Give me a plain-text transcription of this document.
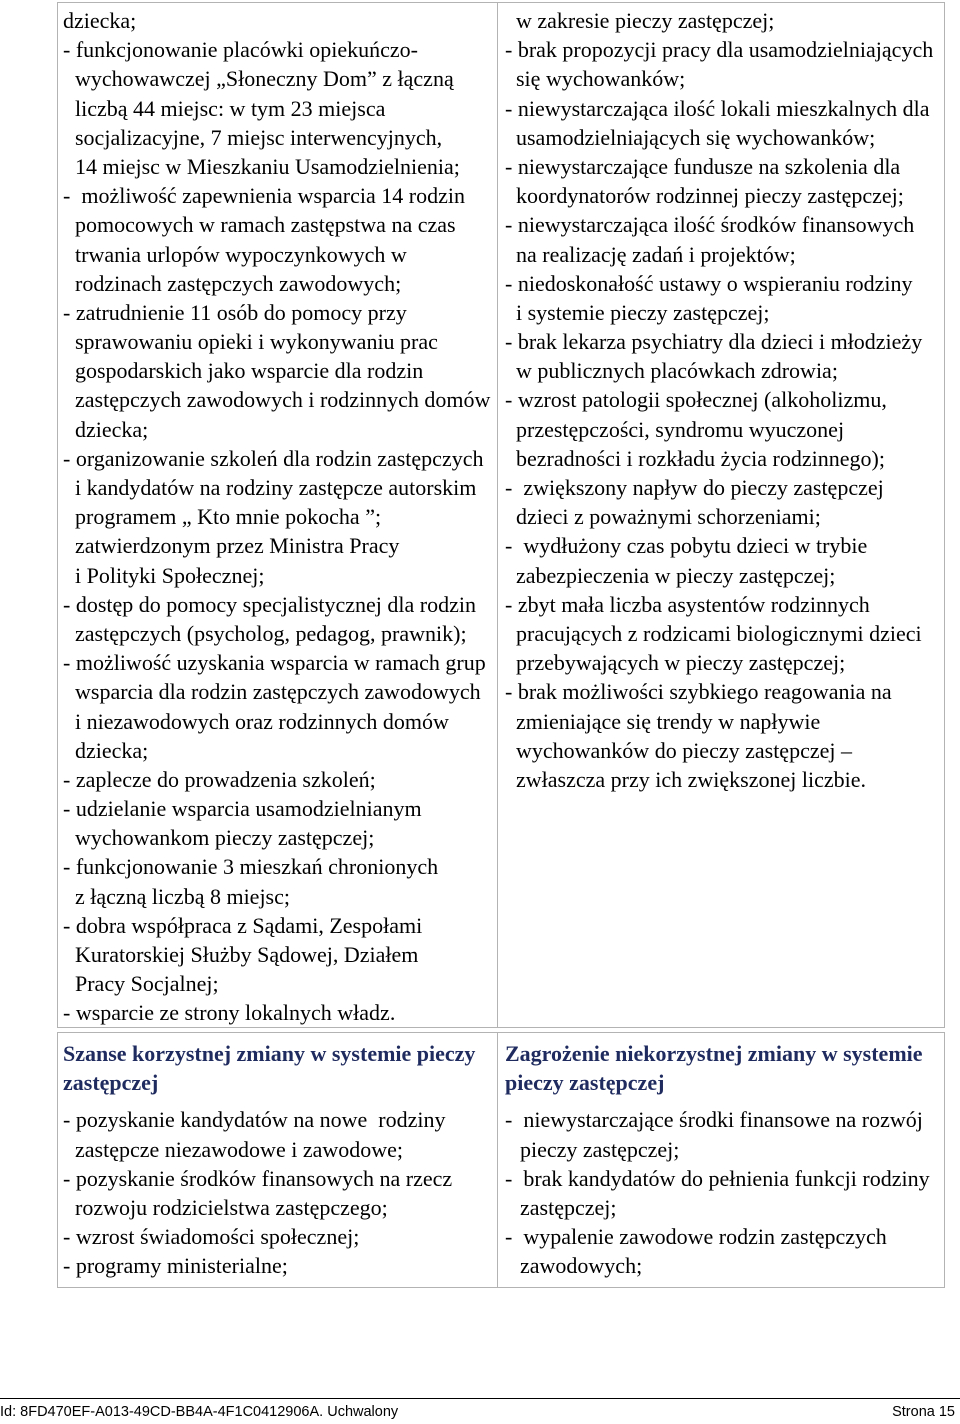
dziecka;
- funkcjonowanie placówki opiekuńczo-
wychowawczej „Słoneczny Dom” z łączną
liczbą 44 miejsc: w tym 23 miejsca
socjalizacyjne, 7 miejsc interwencyjnych,
14 miejsc w Mieszkaniu Usamodzielnienia;
-  możliwość zapewnienia wsparcia 14 rodzin
pomocowych w ramach zastępstwa na czas
trwania urlopów wypoczynkowych w
rodzinach zastępczych zawodowych;
- zatrudnienie 11 osób do pomocy przy
sprawowaniu opieki i wykonywaniu prac
gospodarskich jako wsparcie dla rodzin
zastępczych zawodowych i rodzinnych domów
dziecka;
- organizowanie szkoleń dla rodzin zastępczych
i kandydatów na rodziny zastępcze autorskim
programem „ Kto mnie pokocha ”;
zatwierdzonym przez Ministra Pracy
i Polityki Społecznej;
- dostęp do pomocy specjalistycznej dla rodzin
zastępczych (psycholog, pedagog, prawnik);
- możliwość uzyskania wsparcia w ramach grup
wsparcia dla rodzin zastępczych zawodowych
i niezawodowych oraz rodzinnych domów
dziecka;
- zaplecze do prowadzenia szkoleń;
- udzielanie wsparcia usamodzielnianym
wychowankom pieczy zastępczej;
- funkcjonowanie 3 mieszkań chronionych
z łączną liczbą 8 miejsc;
- dobra współpraca z Sądami, Zespołami
Kuratorskiej Służby Sądowej, Działem
Pracy Socjalnej;
- wsparcie ze strony lokalnych władz.
w zakresie pieczy zastępczej;
- brak propozycji pracy dla usamodzielniających
się wychowanków;
- niewystarczająca ilość lokali mieszkalnych dla
usamodzielniających się wychowanków;
- niewystarczające fundusze na szkolenia dla
koordynatorów rodzinnej pieczy zastępczej;
- niewystarczająca ilość środków finansowych
na realizację zadań i projektów;
- niedoskonałość ustawy o wspieraniu rodziny
i systemie pieczy zastępczej;
- brak lekarza psychiatry dla dzieci i młodzieży
w publicznych placówkach zdrowia;
- wzrost patologii społecznej (alkoholizmu,
przestępczości, syndromu wyuczonej
bezradności i rozkładu życia rodzinnego);
-  zwiększony napływ do pieczy zastępczej
dzieci z poważnymi schorzeniami;
-  wydłużony czas pobytu dzieci w trybie
zabezpieczenia w pieczy zastępczej;
- zbyt mała liczba asystentów rodzinnych
pracujących z rodzicami biologicznymi dzieci
przebywających w pieczy zastępczej;
- brak możliwości szybkiego reagowania na
zmieniające się trendy w napływie
wychowanków do pieczy zastępczej –
zwłaszcza przy ich zwiększonej liczbie.
Szanse korzystnej zmiany w systemie pieczy
zastępczej
- pozyskanie kandydatów na nowe  rodziny
zastępcze niezawodowe i zawodowe;
- pozyskanie środków finansowych na rzecz
rozwoju rodzicielstwa zastępczego;
- wzrost świadomości społecznej;
- programy ministerialne;
Zagrożenie niekorzystnej zmiany w systemie
pieczy zastępczej
-  niewystarczające środki finansowe na rozwój
pieczy zastępczej;
-  brak kandydatów do pełnienia funkcji rodziny
zastępczej;
-  wypalenie zawodowe rodzin zastępczych
zawodowych;
Id: 8FD470EF-A013-49CD-BB4A-4F1C0412906A. Uchwalony	Strona 15
